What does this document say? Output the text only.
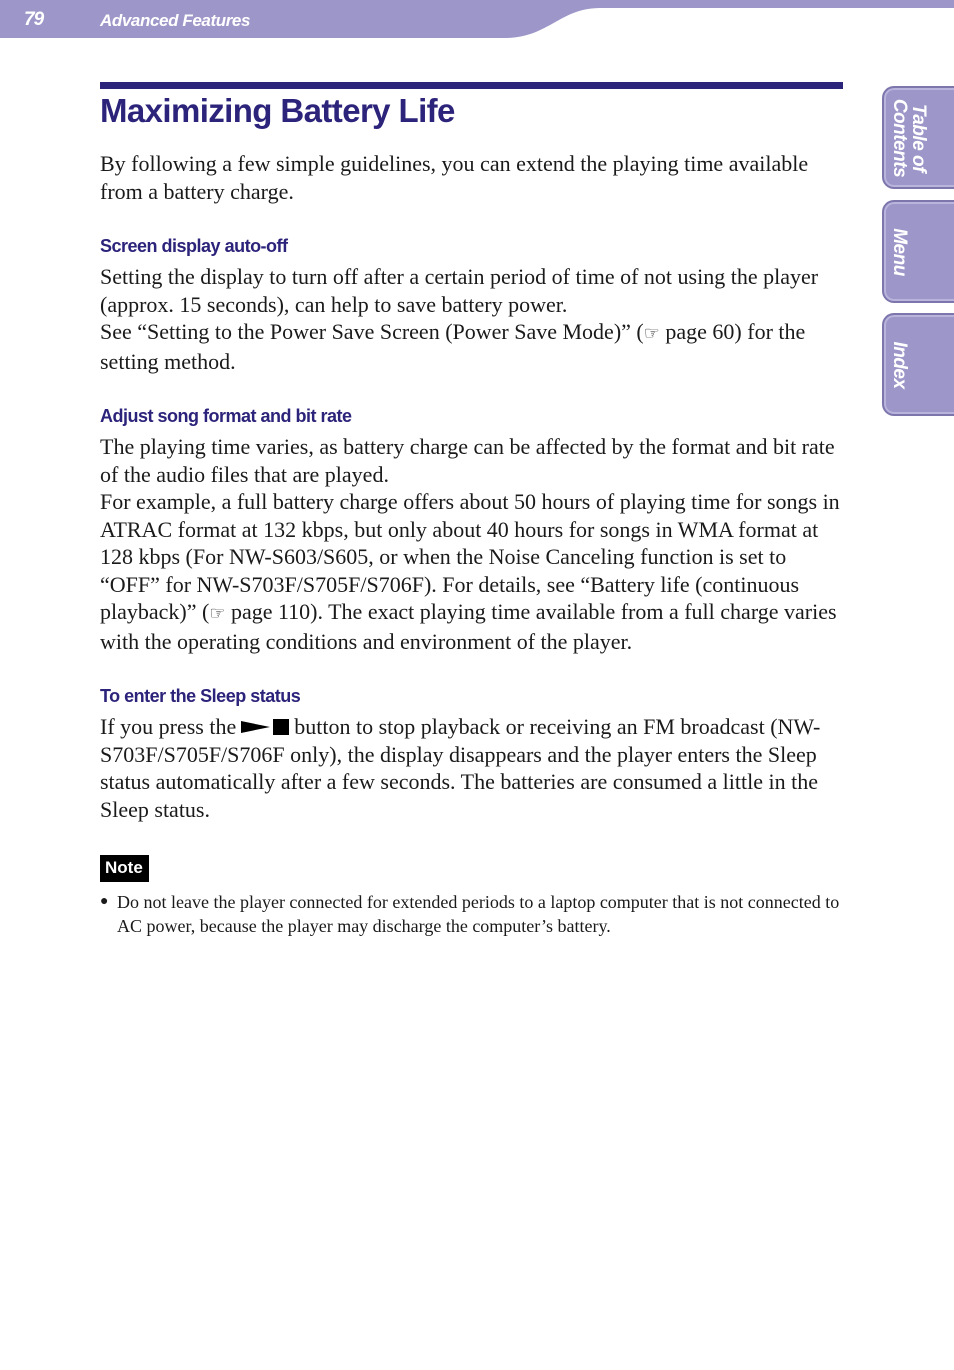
79	Advanced Features
Table of
Contents
Menu
Index
Maximizing Battery Life

By following a few simple guidelines, you can extend the playing time available from a battery charge.

Screen display auto-off

Setting the display to turn off after a certain period of time of not using the player (approx. 15 seconds), can help to save battery power.

See “Setting to the Power Save Screen (Power Save Mode)” (☞ page 60) for the setting method.

Adjust song format and bit rate

The playing time varies, as battery charge can be affected by the format and bit rate of the audio files that are played.

For example, a full battery charge offers about 50 hours of playing time for songs in ATRAC format at 132 kbps, but only about 40 hours for songs in WMA format at 128 kbps (For NW-S603/S605, or when the Noise Canceling function is set to “OFF” for NW-S703F/S705F/S706F). For details, see “Battery life (continuous playback)” (☞ page 110). The exact playing time available from a full charge varies with the operating conditions and environment of the player.

To enter the Sleep status

If you press the	button to stop playback or receiving an FM broadcast (NW-S703F/S705F/S706F only), the display disappears and the player enters the Sleep status automatically after a few seconds. The batteries are consumed a little in the Sleep status.

Note
● Do not leave the player connected for extended periods to a laptop computer that is not connected to AC power, because the player may discharge the computer’s battery.
